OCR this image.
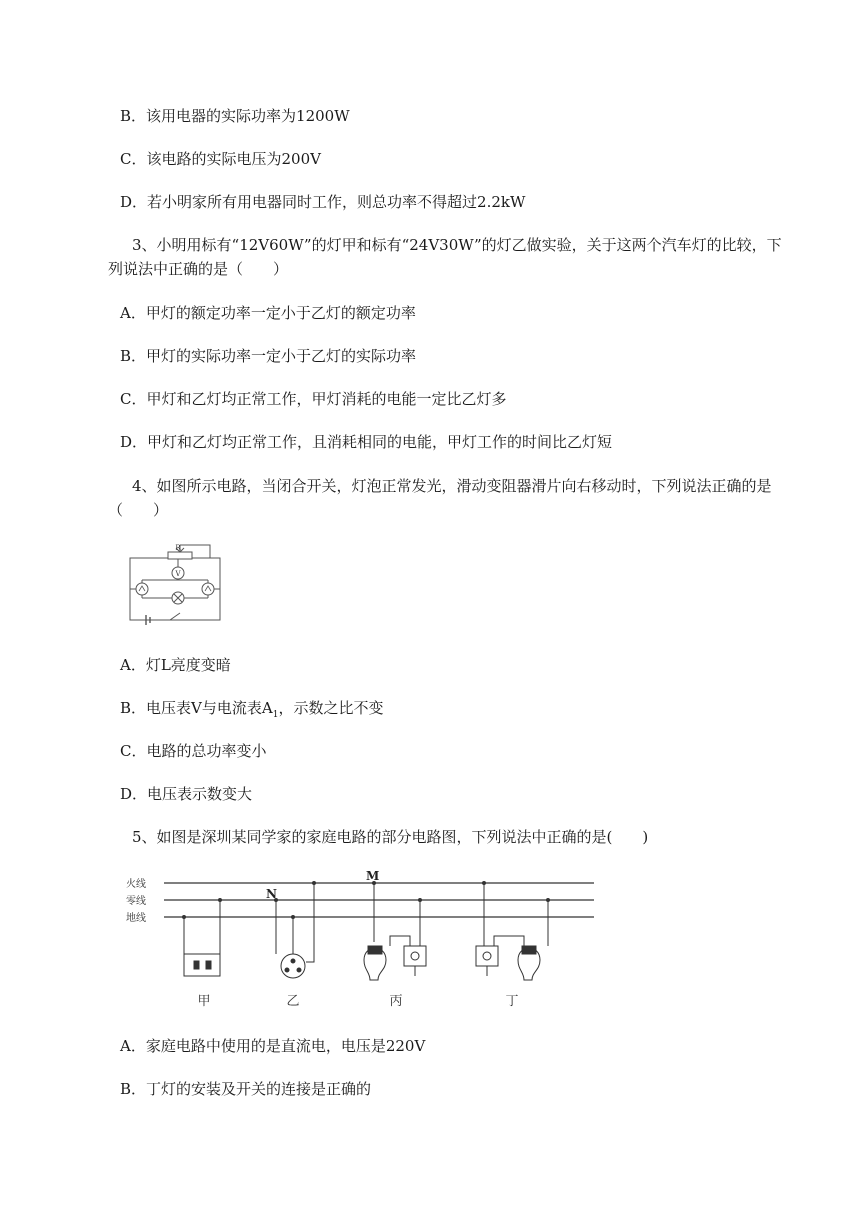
B．该用电器的实际功率为1200W
C．该电路的实际电压为200V
D．若小明家所有用电器同时工作，则总功率不得超过2.2kW
3、小明用标有“12V60W”的灯甲和标有“24V30W”的灯乙做实验，关于这两个汽车灯的比较，下
列说法中正确的是（　　）
A．甲灯的额定功率一定小于乙灯的额定功率
B．甲灯的实际功率一定小于乙灯的实际功率
C．甲灯和乙灯均正常工作，甲灯消耗的电能一定比乙灯多
D．甲灯和乙灯均正常工作，且消耗相同的电能，甲灯工作的时间比乙灯短
4、如图所示电路，当闭合开关，灯泡正常发光，滑动变阻器滑片向右移动时，下列说法正确的是
（　　）
R
V
A．灯L亮度变暗
B．电压表V与电流表$A_1$，示数之比不变
C．电路的总功率变小
D．电压表示数变大
5、如图是深圳某同学家的家庭电路的部分电路图，下列说法中正确的是(　　)
火线
零线
地线
N
M
甲	乙	丙	丁
A．家庭电路中使用的是直流电，电压是220V
B．丁灯的安装及开关的连接是正确的
